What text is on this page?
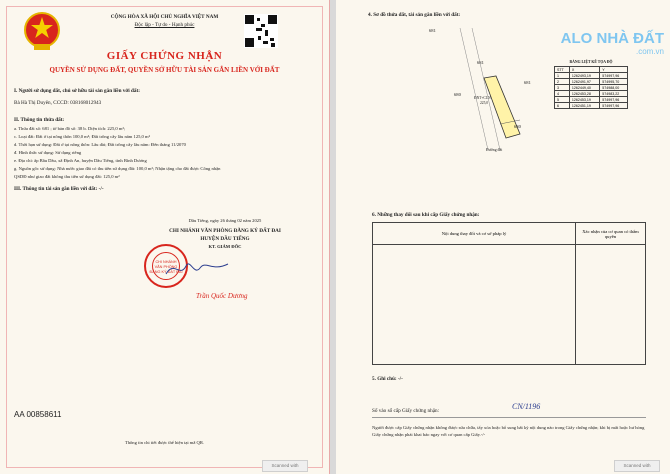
CỘNG HÒA XÃ HỘI CHỦ NGHĨA VIỆT NAM
Độc lập - Tự do - Hạnh phúc
GIẤY CHỨNG NHẬN
QUYỀN SỬ DỤNG ĐẤT, QUYỀN SỞ HỮU TÀI SẢN GẮN LIỀN VỚI ĐẤT
I. Người sử dụng đất, chủ sở hữu tài sản gắn liền với đất:
Bà Hà Thị Duyên, CCCD: 038168012943
II. Thông tin thửa đất:
a. Thửa đất số: 681 ; tờ bản đồ số: 38 b. Diện tích: 225,0 m²;
c. Loại đất: Đất ở tại nông thôn 100,0 m²; Đất trồng cây lâu năm 125,0 m²
d. Thời hạn sử dụng: Đất ở tại nông thôn: Lâu dài; Đất trồng cây lâu năm: Đến tháng 11/2070
đ. Hình thức sử dụng: Sử dụng riêng
e. Địa chỉ: ấp Bầu Dầu, xã Định An, huyện Dầu Tiếng, tỉnh Bình Dương
g. Nguồn gốc sử dụng: Nhà nước giao đất có thu tiền sử dụng đất: 100,0 m²; Nhận tặng cho đất được Công nhận
QSDĐ như giao đất không thu tiền sử dụng đất: 125,0 m²
III. Thông tin tài sản gắn liền với đất: -/-
Dầu Tiếng, ngày 26 tháng 02 năm 2025
CHI NHÁNH VĂN PHÒNG ĐĂNG KÝ ĐẤT ĐAI
HUYỆN DẦU TIẾNG
KT. GIÁM ĐỐC
CHI NHÁNH
VĂN PHÒNG
ĐĂNG KÝ ĐẤT ĐAI
Trần Quốc Dương
AA 00858611
Thông tin chi tiết được thể hiện tại mã QR.
Scanned with
4. Sơ đồ thửa đất, tài sản gắn liền với đất:
681
681
680
681
680
ĐNT+CLN
225,0
Đường đất
BẢNG LIỆT KÊ TỌA ĐỘ
STT	X	Y
1	1262493,19	574997,96
2	1262491,97	574995,70
3	1262449,40	574988,00
4	1262453,28	574983,22
5	1262453,19	574997,96
6	1262451,19	574997,96
ALO NHÀ ĐẤT
.com.vn
6. Những thay đổi sau khi cấp Giấy chứng nhận:
Nội dung thay đổi và cơ sở pháp lý	Xác nhận của cơ quan có thẩm quyền

5. Ghi chú: -/-
Số vào sổ cấp Giấy chứng nhận:	CN/1196
Người được cấp Giấy chứng nhận không được sửa chữa, tẩy xóa hoặc bổ sung bất kỳ nội dung nào trong Giấy chứng nhận; khi bị mất hoặc hư hỏng Giấy chứng nhận phải khai báo ngay với cơ quan cấp Giấy.-/-
Scanned with
